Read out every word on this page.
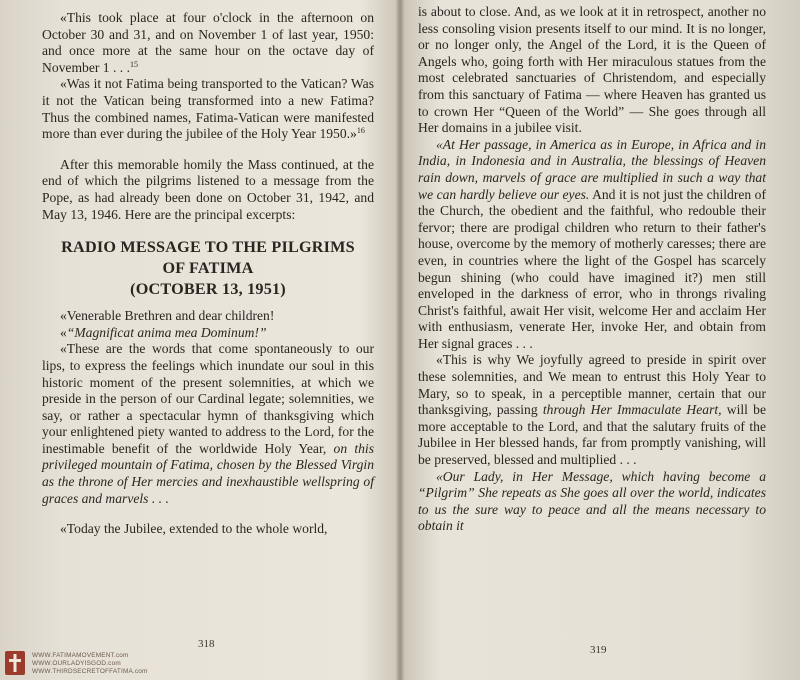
«This took place at four o'clock in the afternoon on October 30 and 31, and on November 1 of last year, 1950: and once more at the same hour on the octave day of November 1 . . .$^{15}$

«Was it not Fatima being transported to the Vatican? Was it not the Vatican being transformed into a new Fatima? Thus the combined names, Fatima-Vatican were manifested more than ever during the jubilee of the Holy Year 1950.»$^{16}$

After this memorable homily the Mass continued, at the end of which the pilgrims listened to a message from the Pope, as had already been done on October 31, 1942, and May 13, 1946. Here are the principal excerpts:

RADIO MESSAGE TO THE PILGRIMS
OF FATIMA
(OCTOBER 13, 1951)

«Venerable Brethren and dear children!

«“Magnificat anima mea Dominum!”

«These are the words that come spontaneously to our lips, to express the feelings which inundate our soul in this historic moment of the present solemnities, at which we preside in the person of our Cardinal legate; solemnities, we say, or rather a spectacular hymn of thanksgiving which your enlightened piety wanted to address to the Lord, for the inestimable benefit of the worldwide Holy Year, on this privileged mountain of Fatima, chosen by the Blessed Virgin as the throne of Her mercies and inexhaustible wellspring of graces and marvels . . .

«Today the Jubilee, extended to the whole world,

318

is about to close. And, as we look at it in retrospect, another no less consoling vision presents itself to our mind. It is no longer, or no longer only, the Angel of the Lord, it is the Queen of Angels who, going forth with Her miraculous statues from the most celebrated sanctuaries of Christendom, and especially from this sanctuary of Fatima — where Heaven has granted us to crown Her “Queen of the World” — She goes through all Her domains in a jubilee visit.

«At Her passage, in America as in Europe, in Africa and in India, in Indonesia and in Australia, the blessings of Heaven rain down, marvels of grace are multiplied in such a way that we can hardly believe our eyes. And it is not just the children of the Church, the obedient and the faithful, who redouble their fervor; there are prodigal children who return to their father's house, overcome by the memory of motherly caresses; there are even, in countries where the light of the Gospel has scarcely begun shining (who could have imagined it?) men still enveloped in the darkness of error, who in throngs rivaling Christ's faithful, await Her visit, welcome Her and acclaim Her with enthusiasm, venerate Her, invoke Her, and obtain from Her signal graces . . .

«This is why We joyfully agreed to preside in spirit over these solemnities, and We mean to entrust this Holy Year to Mary, so to speak, in a perceptible manner, certain that our thanksgiving, passing through Her Immaculate Heart, will be more acceptable to the Lord, and that the salutary fruits of the Jubilee in Her blessed hands, far from promptly vanishing, will be preserved, blessed and multiplied . . .

«Our Lady, in Her Message, which having become a “Pilgrim” She repeats as She goes all over the world, indicates to us the sure way to peace and all the means necessary to obtain it

319
WWW.FATIMAMOVEMENT.com
WWW.OURLADYISGOD.com
WWW.THIRDSECRETOFFATIMA.com
